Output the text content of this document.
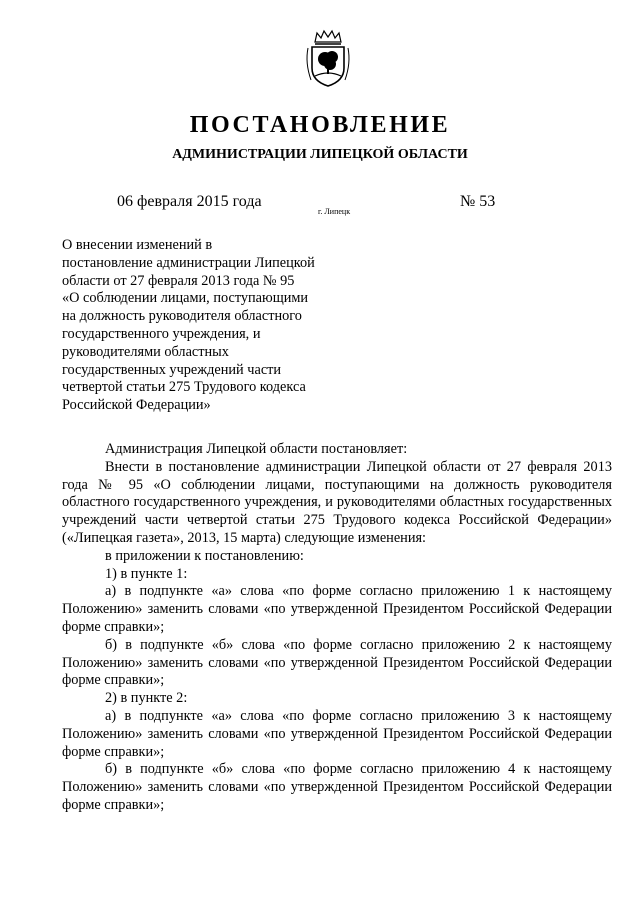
ПОСТАНОВЛЕНИЕ
АДМИНИСТРАЦИИ ЛИПЕЦКОЙ ОБЛАСТИ
06 февраля 2015 года
г. Липецк
№ 53
О внесении изменений в
постановление администрации Липецкой
области от 27 февраля 2013 года № 95
«О соблюдении лицами, поступающими
на должность руководителя областного
государственного учреждения, и
руководителями областных
государственных учреждений части
четвертой статьи 275 Трудового кодекса
Российской Федерации»

Администрация Липецкой области постановляет:

Внести в постановление администрации Липецкой области от 27 февраля 2013 года № 95 «О соблюдении лицами, поступающими на должность руководителя областного государственного учреждения, и руководителями областных государственных учреждений части четвертой статьи 275 Трудового кодекса Российской Федерации» («Липецкая газета», 2013, 15 марта) следующие изменения:

в приложении к постановлению:

1) в пункте 1:

а) в подпункте «а» слова «по форме согласно приложению 1 к настоящему Положению» заменить словами «по утвержденной Президентом Российской Федерации форме справки»;

б) в подпункте «б» слова «по форме согласно приложению 2 к настоящему Положению» заменить словами «по утвержденной Президентом Российской Федерации форме справки»;

2) в пункте 2:

а) в подпункте «а» слова «по форме согласно приложению 3 к настоящему Положению» заменить словами «по утвержденной Президентом Российской Федерации форме справки»;

б) в подпункте «б» слова «по форме согласно приложению 4 к настоящему Положению» заменить словами «по утвержденной Президентом Российской Федерации форме справки»;
